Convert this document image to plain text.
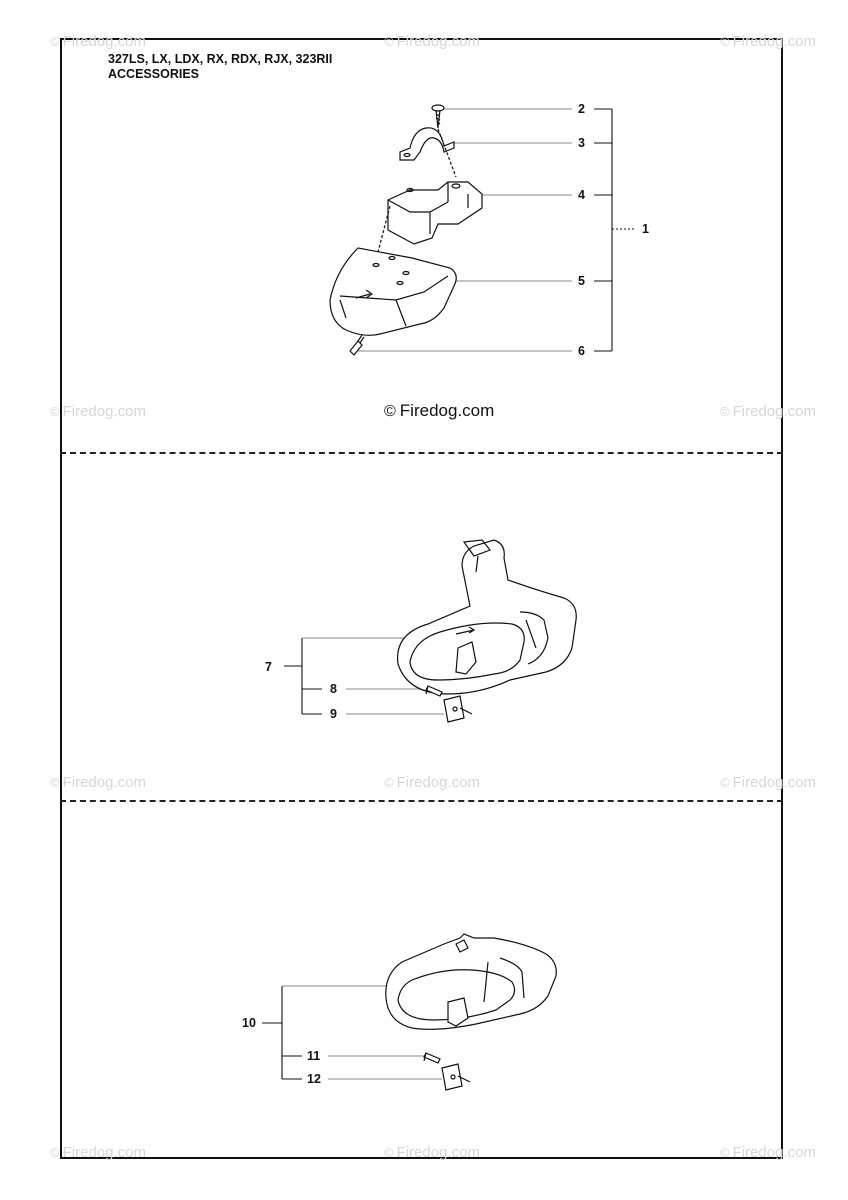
327LS, LX, LDX, RX, RDX, RJX, 323RII
ACCESSORIES
© Firedog.com	© Firedog.com	© Firedog.com
© Firedog.com	© Firedog.com
© Firedog.com	© Firedog.com	© Firedog.com
© Firedog.com	© Firedog.com	© Firedog.com
© Firedog.com
2
3
4
1
5
6
7
8
9
10
11
12
